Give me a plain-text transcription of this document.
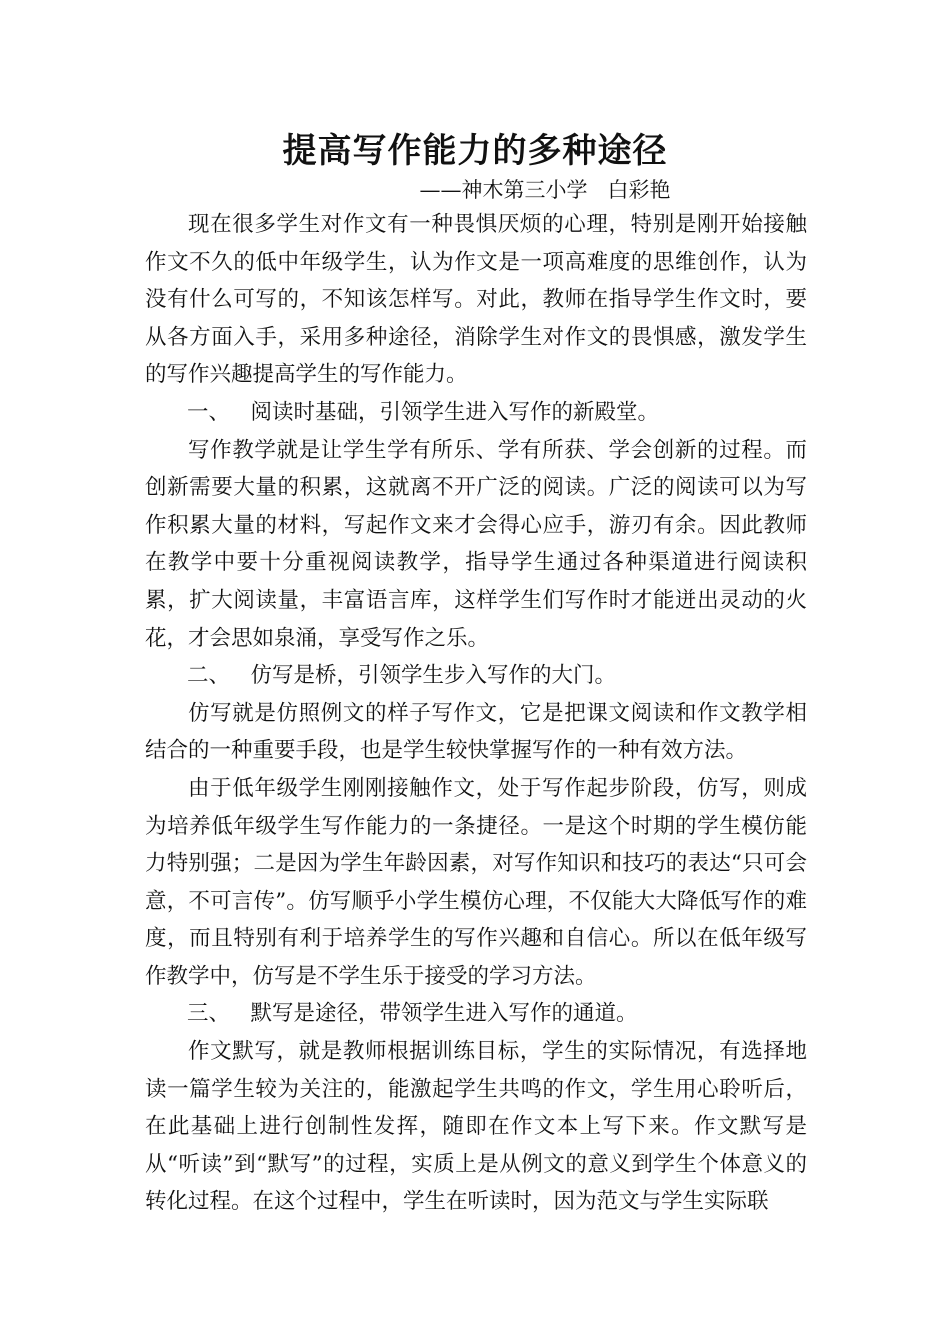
提高写作能力的多种途径
——神木第三小学   白彩艳

现在很多学生对作文有一种畏惧厌烦的心理，特别是刚开始接触作文不久的低中年级学生，认为作文是一项高难度的思维创作，认为没有什么可写的，不知该怎样写。对此，教师在指导学生作文时，要从各方面入手，采用多种途径，消除学生对作文的畏惧感，激发学生的写作兴趣提高学生的写作能力。

一、   阅读时基础，引领学生进入写作的新殿堂。

写作教学就是让学生学有所乐、学有所获、学会创新的过程。而创新需要大量的积累，这就离不开广泛的阅读。广泛的阅读可以为写作积累大量的材料，写起作文来才会得心应手，游刃有余。因此教师在教学中要十分重视阅读教学，指导学生通过各种渠道进行阅读积累，扩大阅读量，丰富语言库，这样学生们写作时才能迸出灵动的火花，才会思如泉涌，享受写作之乐。

二、   仿写是桥，引领学生步入写作的大门。

仿写就是仿照例文的样子写作文，它是把课文阅读和作文教学相结合的一种重要手段，也是学生较快掌握写作的一种有效方法。

由于低年级学生刚刚接触作文，处于写作起步阶段，仿写，则成为培养低年级学生写作能力的一条捷径。一是这个时期的学生模仿能力特别强；二是因为学生年龄因素，对写作知识和技巧的表达“只可会意，不可言传”。仿写顺乎小学生模仿心理，不仅能大大降低写作的难度，而且特别有利于培养学生的写作兴趣和自信心。所以在低年级写作教学中，仿写是不学生乐于接受的学习方法。

三、   默写是途径，带领学生进入写作的通道。

作文默写，就是教师根据训练目标，学生的实际情况，有选择地读一篇学生较为关注的，能激起学生共鸣的作文，学生用心聆听后，在此基础上进行创制性发挥，随即在作文本上写下来。作文默写是从“听读”到“默写”的过程，实质上是从例文的意义到学生个体意义的转化过程。在这个过程中，学生在听读时，因为范文与学生实际联
